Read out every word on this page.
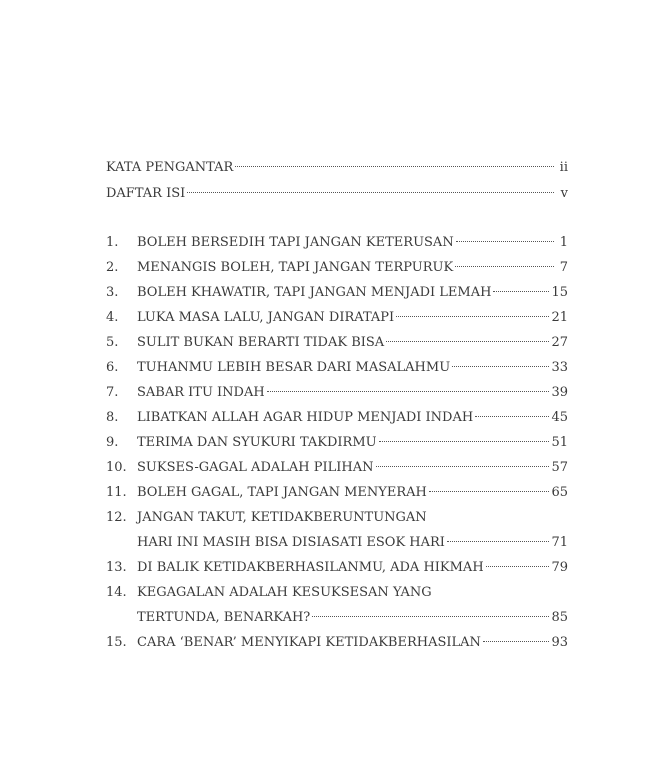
KATA PENGANTAR	ii
DAFTAR ISI	v
1.	BOLEH BERSEDIH TAPI JANGAN KETERUSAN	1
2.	MENANGIS BOLEH, TAPI JANGAN TERPURUK	7
3.	BOLEH KHAWATIR, TAPI JANGAN MENJADI LEMAH	15
4.	LUKA MASA LALU, JANGAN DIRATAPI	21
5.	SULIT BUKAN BERARTI TIDAK BISA	27
6.	TUHANMU LEBIH BESAR DARI MASALAHMU	33
7.	SABAR ITU INDAH	39
8.	LIBATKAN ALLAH AGAR HIDUP MENJADI INDAH	45
9.	TERIMA DAN SYUKURI TAKDIRMU	51
10. SUKSES-GAGAL ADALAH PILIHAN	57
11. BOLEH GAGAL, TAPI JANGAN MENYERAH	65
12. JANGAN TAKUT, KETIDAKBERUNTUNGAN
HARI INI MASIH BISA DISIASATI ESOK HARI	71
13. DI BALIK KETIDAKBERHASILANMU, ADA HIKMAH	79
14. KEGAGALAN ADALAH KESUKSESAN YANG
TERTUNDA, BENARKAH?	85
15. CARA ‘BENAR’ MENYIKAPI KETIDAKBERHASILAN	93
